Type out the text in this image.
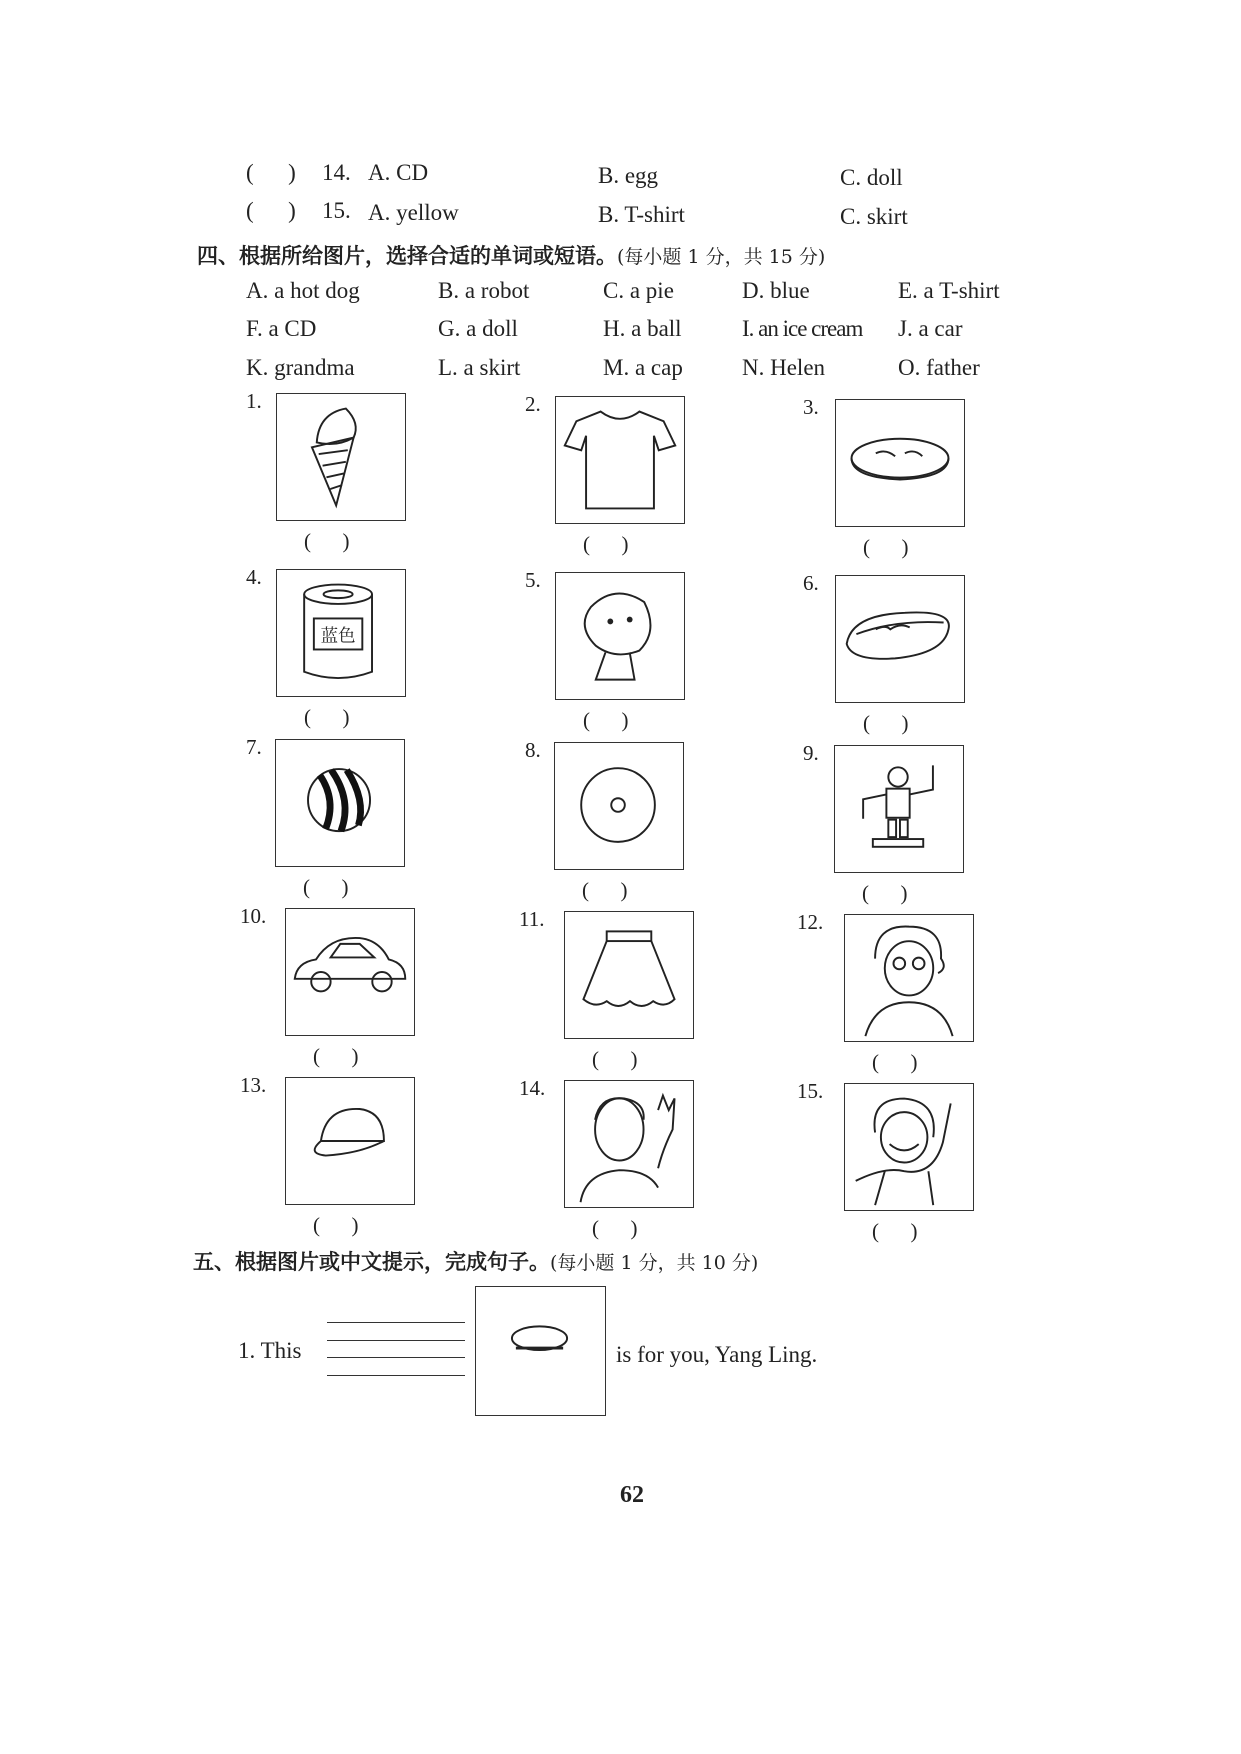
(      ) 14. A. CD	B. egg	C. doll
(      ) 15. A. yellow	B. T-shirt	C. skirt
四、根据所给图片，选择合适的单词或短语。(每小题 1 分，共 15 分)
A. a hot dog	B. a robot	C. a pie	D. blue	E. a T-shirt
F. a CD	G. a doll	H. a ball	I. an ice cream J. a car
K. grandma	L. a skirt	M. a cap	N. Helen	O. father
1.
(      )
2.
(      )
3.
(      )
4.
蓝色
(      )
5.
(      )
6.
(      )
7.
(      )
8.
(      )
9.
(      )
10.
(      )
11.
(      )
12.
(      )
13.
(      )
14.
(      )
15.
(      )
五、根据图片或中文提示，完成句子。(每小题 1 分，共 10 分)
1. This	is for you, Yang Ling.
62
